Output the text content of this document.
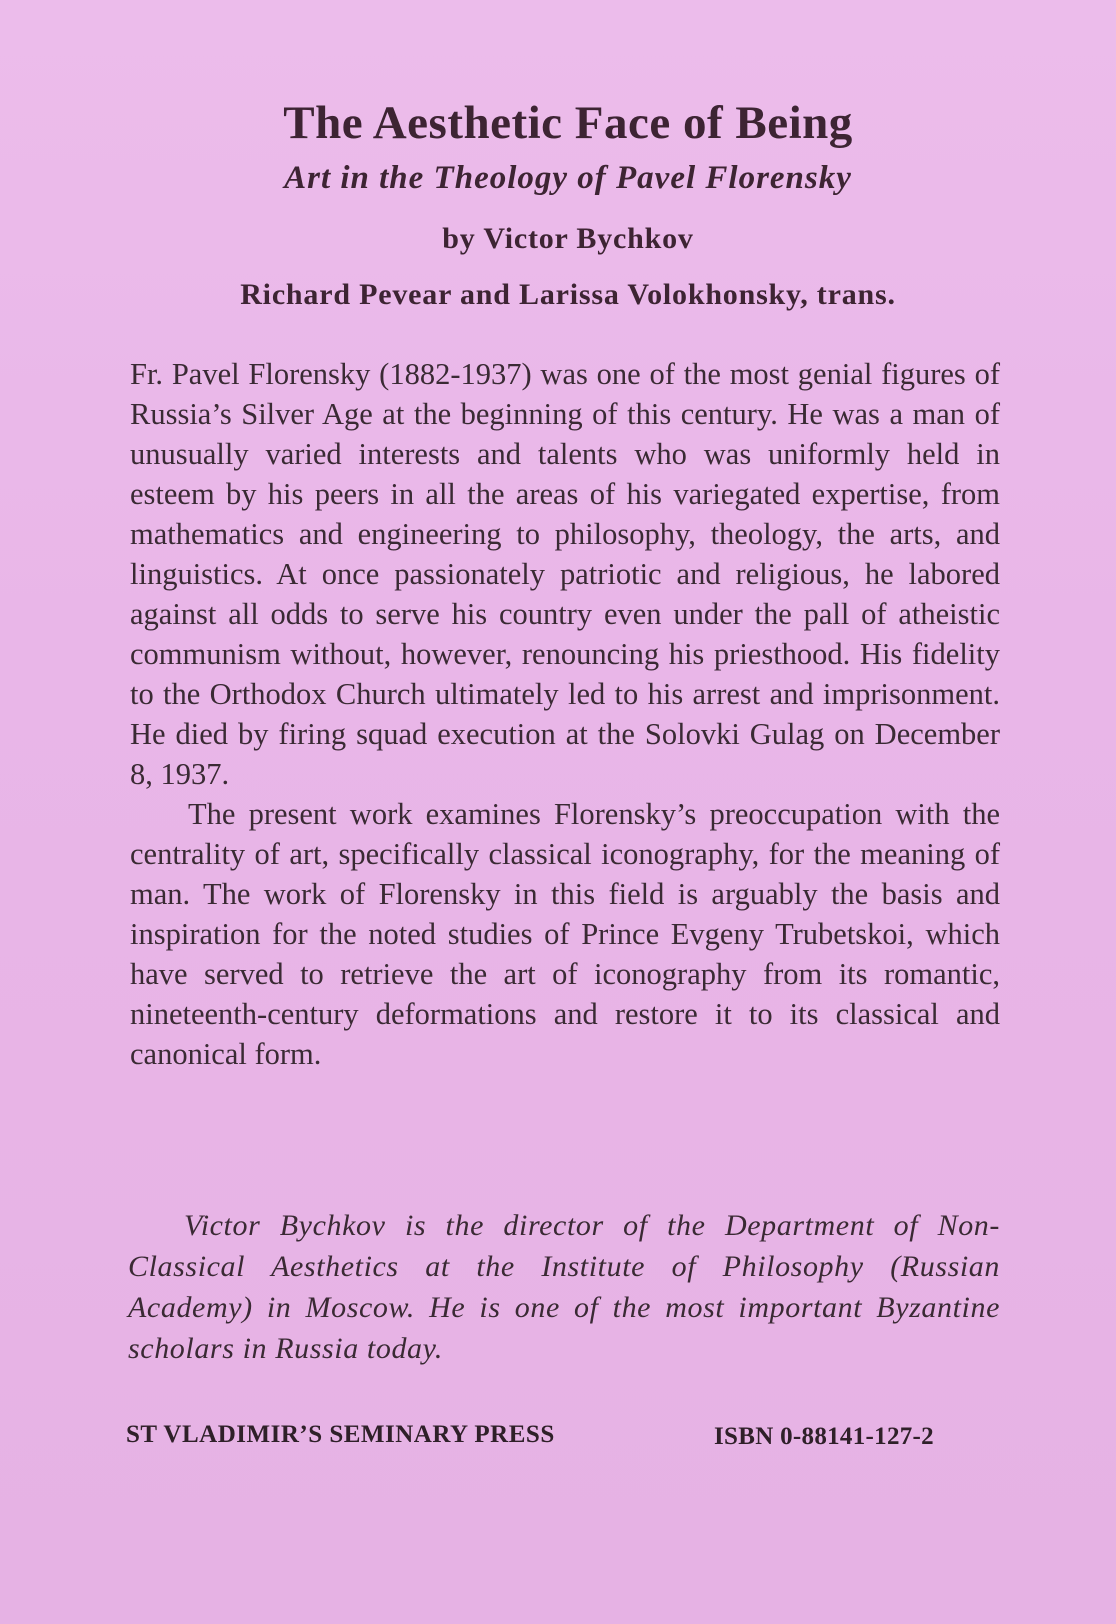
The Aesthetic Face of Being
Art in the Theology of Pavel Florensky
by Victor Bychkov
Richard Pevear and Larissa Volokhonsky, trans.

Fr. Pavel Florensky (1882-1937) was one of the most genial figures of Russia’s Silver Age at the beginning of this century. He was a man of unusually varied interests and talents who was uniformly held in esteem by his peers in all the areas of his variegated expertise, from mathematics and engineering to philosophy, theology, the arts, and linguistics. At once passionately patriotic and religious, he labored against all odds to serve his country even under the pall of atheistic communism without, however, renouncing his priesthood. His fidelity to the Orthodox Church ultimately led to his arrest and imprisonment. He died by firing squad execution at the Solovki Gulag on December 8, 1937.

The present work examines Florensky’s preoccupation with the centrality of art, specifically classical iconography, for the meaning of man. The work of Florensky in this field is arguably the basis and inspiration for the noted studies of Prince Evgeny Trubetskoi, which have served to retrieve the art of iconography from its romantic, nineteenth-century deformations and restore it to its classical and canonical form.

Victor Bychkov is the director of the Department of Non-Classical Aesthetics at the Institute of Philosophy (Russian Academy) in Moscow. He is one of the most important Byzantine scholars in Russia today.

ST VLADIMIR’S SEMINARY PRESS	ISBN 0-88141-127-2
